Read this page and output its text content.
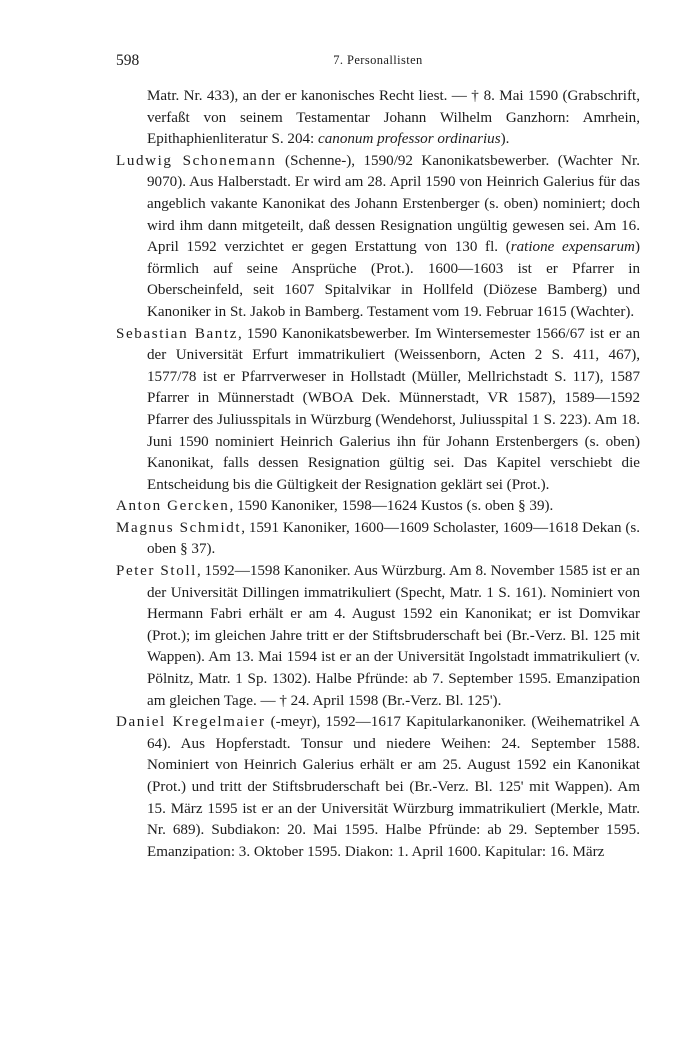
598	7. Personallisten

Matr. Nr. 433), an der er kanonisches Recht liest. — † 8. Mai 1590 (Grabschrift, verfaßt von seinem Testamentar Johann Wilhelm Ganzhorn: Amrhein, Epithaphienliteratur S. 204: canonum professor ordinarius).

Ludwig Schonemann (Schenne-), 1590/92 Kanonikatsbewerber. (Wachter Nr. 9070). Aus Halberstadt. Er wird am 28. April 1590 von Heinrich Galerius für das angeblich vakante Kanonikat des Johann Erstenberger (s. oben) nominiert; doch wird ihm dann mitgeteilt, daß dessen Resignation ungültig gewesen sei. Am 16. April 1592 verzichtet er gegen Erstattung von 130 fl. (ratione expensarum) förmlich auf seine Ansprüche (Prot.). 1600—1603 ist er Pfarrer in Oberscheinfeld, seit 1607 Spitalvikar in Hollfeld (Diözese Bamberg) und Kanoniker in St. Jakob in Bamberg. Testament vom 19. Februar 1615 (Wachter).

Sebastian Bantz, 1590 Kanonikatsbewerber. Im Wintersemester 1566/67 ist er an der Universität Erfurt immatrikuliert (Weissenborn, Acten 2 S. 411, 467), 1577/78 ist er Pfarrverweser in Hollstadt (Müller, Mellrichstadt S. 117), 1587 Pfarrer in Münnerstadt (WBOA Dek. Münnerstadt, VR 1587), 1589—1592 Pfarrer des Juliusspitals in Würzburg (Wendehorst, Juliusspital 1 S. 223). Am 18. Juni 1590 nominiert Heinrich Galerius ihn für Johann Erstenbergers (s. oben) Kanonikat, falls dessen Resignation gültig sei. Das Kapitel verschiebt die Entscheidung bis die Gültigkeit der Resignation geklärt sei (Prot.).

Anton Gercken, 1590 Kanoniker, 1598—1624 Kustos (s. oben § 39).

Magnus Schmidt, 1591 Kanoniker, 1600—1609 Scholaster, 1609—1618 Dekan (s. oben § 37).

Peter Stoll, 1592—1598 Kanoniker. Aus Würzburg. Am 8. November 1585 ist er an der Universität Dillingen immatrikuliert (Specht, Matr. 1 S. 161). Nominiert von Hermann Fabri erhält er am 4. August 1592 ein Kanonikat; er ist Domvikar (Prot.); im gleichen Jahre tritt er der Stiftsbruderschaft bei (Br.-Verz. Bl. 125 mit Wappen). Am 13. Mai 1594 ist er an der Universität Ingolstadt immatrikuliert (v. Pölnitz, Matr. 1 Sp. 1302). Halbe Pfründe: ab 7. September 1595. Emanzipation am gleichen Tage. — † 24. April 1598 (Br.-Verz. Bl. 125').

Daniel Kregelmaier (-meyr), 1592—1617 Kapitularkanoniker. (Weihematrikel A 64). Aus Hopferstadt. Tonsur und niedere Weihen: 24. September 1588. Nominiert von Heinrich Galerius erhält er am 25. August 1592 ein Kanonikat (Prot.) und tritt der Stiftsbruderschaft bei (Br.-Verz. Bl. 125' mit Wappen). Am 15. März 1595 ist er an der Universität Würzburg immatrikuliert (Merkle, Matr. Nr. 689). Subdiakon: 20. Mai 1595. Halbe Pfründe: ab 29. September 1595. Emanzipation: 3. Oktober 1595. Diakon: 1. April 1600. Kapitular: 16. März
